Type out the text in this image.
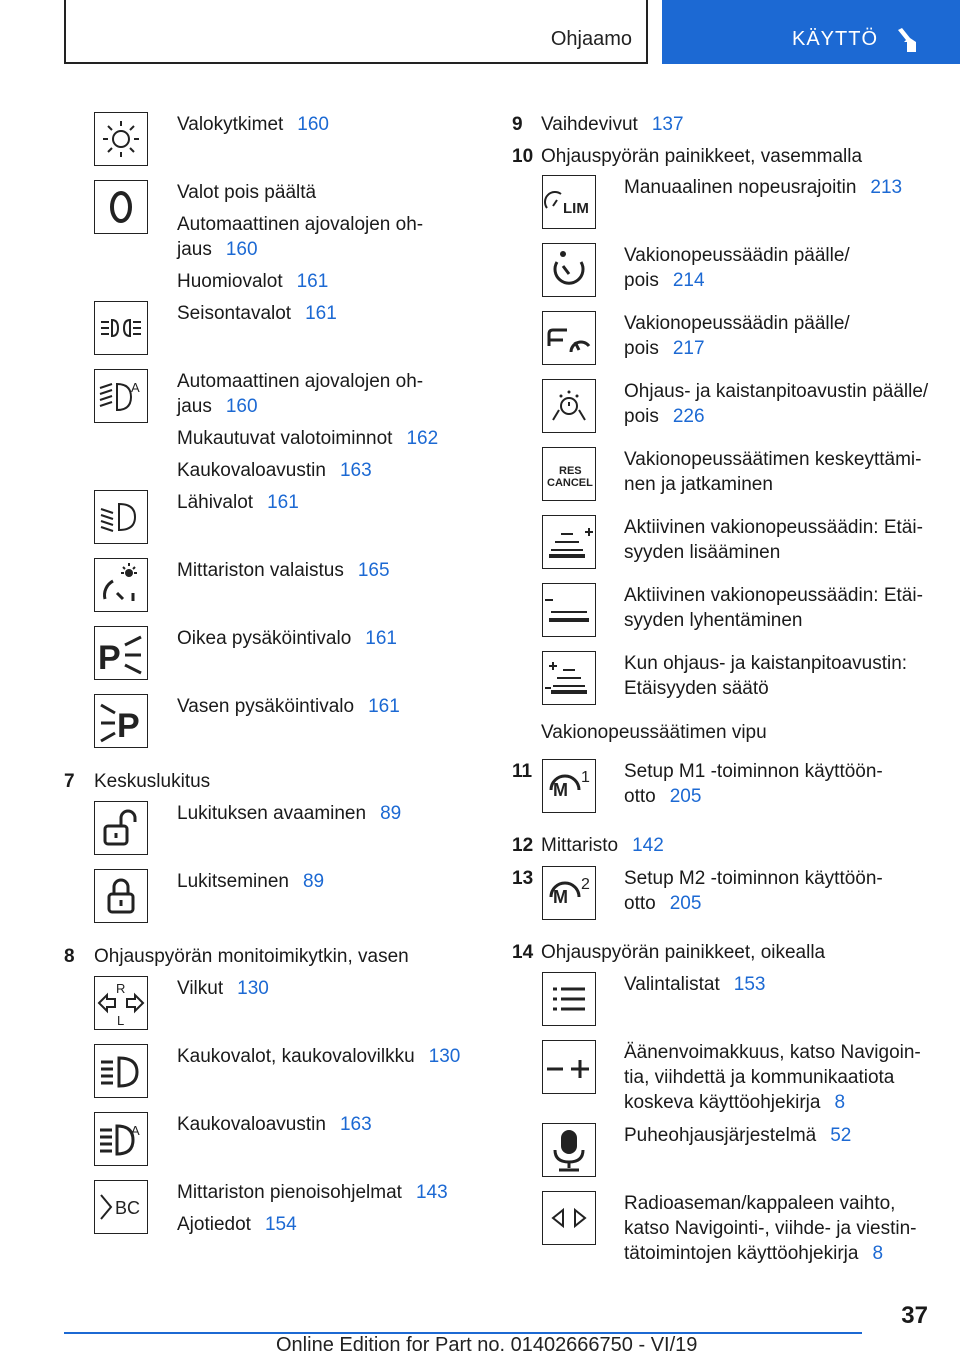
Ohjaamo	KÄYTTÖ
Valokytkimet 160
Valot pois päältä
Automaattinen ajovalojen oh-
jaus 160
Huomiovalot 161
Seisontavalot 161
A Automaattinen ajovalojen oh-
jaus 160
Mukautuvat valotoiminnot 162
Kaukovaloavustin 163
Lähivalot 161
Mittariston valaistus 165
P
Oikea pysäköintivalo 161
P
Vasen pysäköintivalo 161
7 Keskuslukitus
Lukituksen avaaminen 89
Lukitseminen 89
8 Ohjauspyörän monitoimikytkin, vasen
R
L
Vilkut 130
Kaukovalot, kaukovalovilkku 130
A Kaukovaloavustin 163
BC
Mittariston pienoisohjelmat 143
Ajotiedot 154
9 Vaihdevivut 137
10 Ohjauspyörän painikkeet, vasemmalla
LIM
Manuaalinen nopeusrajoitin 213
Vakionopeussäädin päälle/
pois 214
Vakionopeussäädin päälle/
pois 217
Ohjaus- ja kaistanpitoavustin päälle/
pois 226
RES
CANCEL
Vakionopeussäätimen keskeyttämi-
nen ja jatkaminen
Aktiivinen vakionopeussäädin: Etäi-
syyden lisääminen
Aktiivinen vakionopeussäädin: Etäi-
syyden lyhentäminen
Kun ohjaus- ja kaistanpitoavustin:
Etäisyyden säätö
Vakionopeussäätimen vipu
11
M
1 Setup M1 -toiminnon käyttöön-
otto 205
12 Mittaristo 142
13
M
2 Setup M2 -toiminnon käyttöön-
otto 205
14 Ohjauspyörän painikkeet, oikealla
Valintalistat 153
Äänenvoimakkuus, katso Navigoin-
tia, viihdettä ja kommunikaatiota
koskeva käyttöohjekirja 8
Puheohjausjärjestelmä 52
Radioaseman/kappaleen vaihto,
katso Navigointi-, viihde- ja viestin-
tätoimintojen käyttöohjekirja 8
37
Online Edition for Part no. 01402666750 - VI/19
